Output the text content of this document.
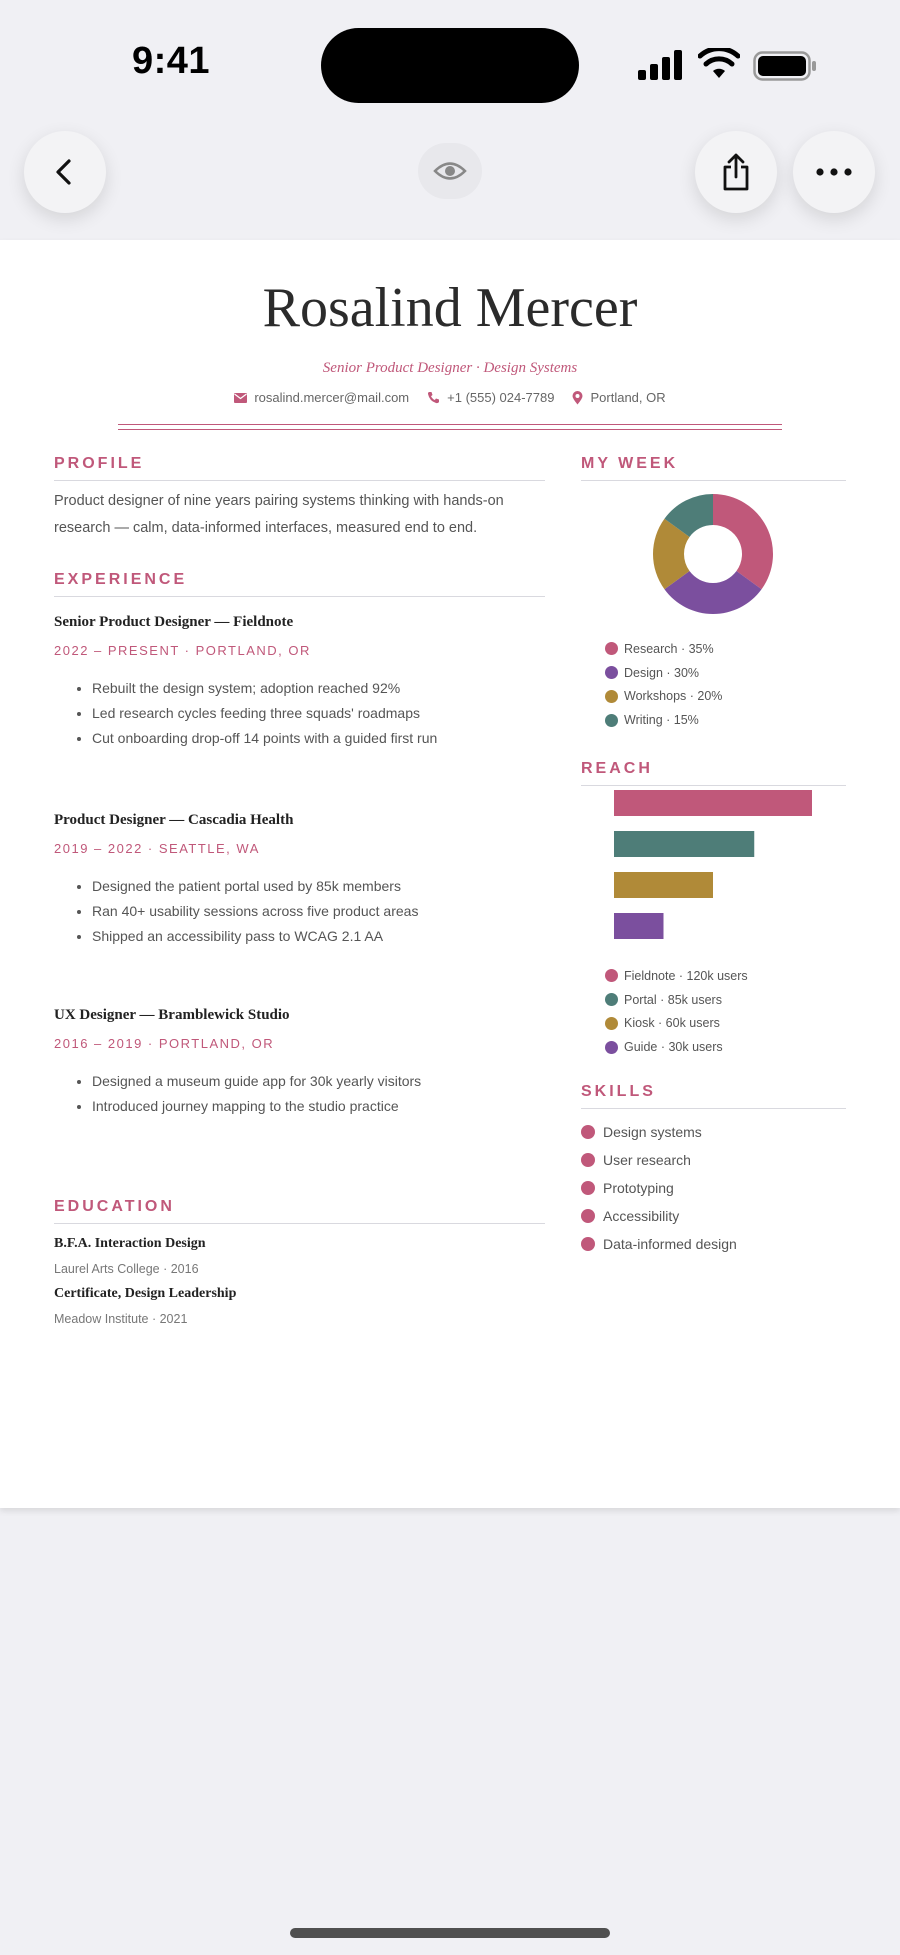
9:41
Rosalind Mercer
Senior Product Designer · Design Systems
rosalind.mercer@mail.com	+1 (555) 024-7789	Portland, OR
PROFILE
Product designer of nine years pairing systems thinking with hands-on research — calm, data-informed interfaces, measured end to end.
EXPERIENCE
Senior Product Designer — Fieldnote
2022 – PRESENT · PORTLAND, OR
• Rebuilt the design system; adoption reached 92%
• Led research cycles feeding three squads' roadmaps
• Cut onboarding drop-off 14 points with a guided first run
Product Designer — Cascadia Health
2019 – 2022 · SEATTLE, WA
• Designed the patient portal used by 85k members
• Ran 40+ usability sessions across five product areas
• Shipped an accessibility pass to WCAG 2.1 AA
UX Designer — Bramblewick Studio
2016 – 2019 · PORTLAND, OR
• Designed a museum guide app for 30k yearly visitors
• Introduced journey mapping to the studio practice
EDUCATION
B.F.A. Interaction Design
Laurel Arts College · 2016
Certificate, Design Leadership
Meadow Institute · 2021
MY WEEK
Research · 35%
Design · 30%
Workshops · 20%
Writing · 15%
REACH
Fieldnote · 120k users
Portal · 85k users
Kiosk · 60k users
Guide · 30k users
SKILLS
Design systems
User research
Prototyping
Accessibility
Data-informed design
